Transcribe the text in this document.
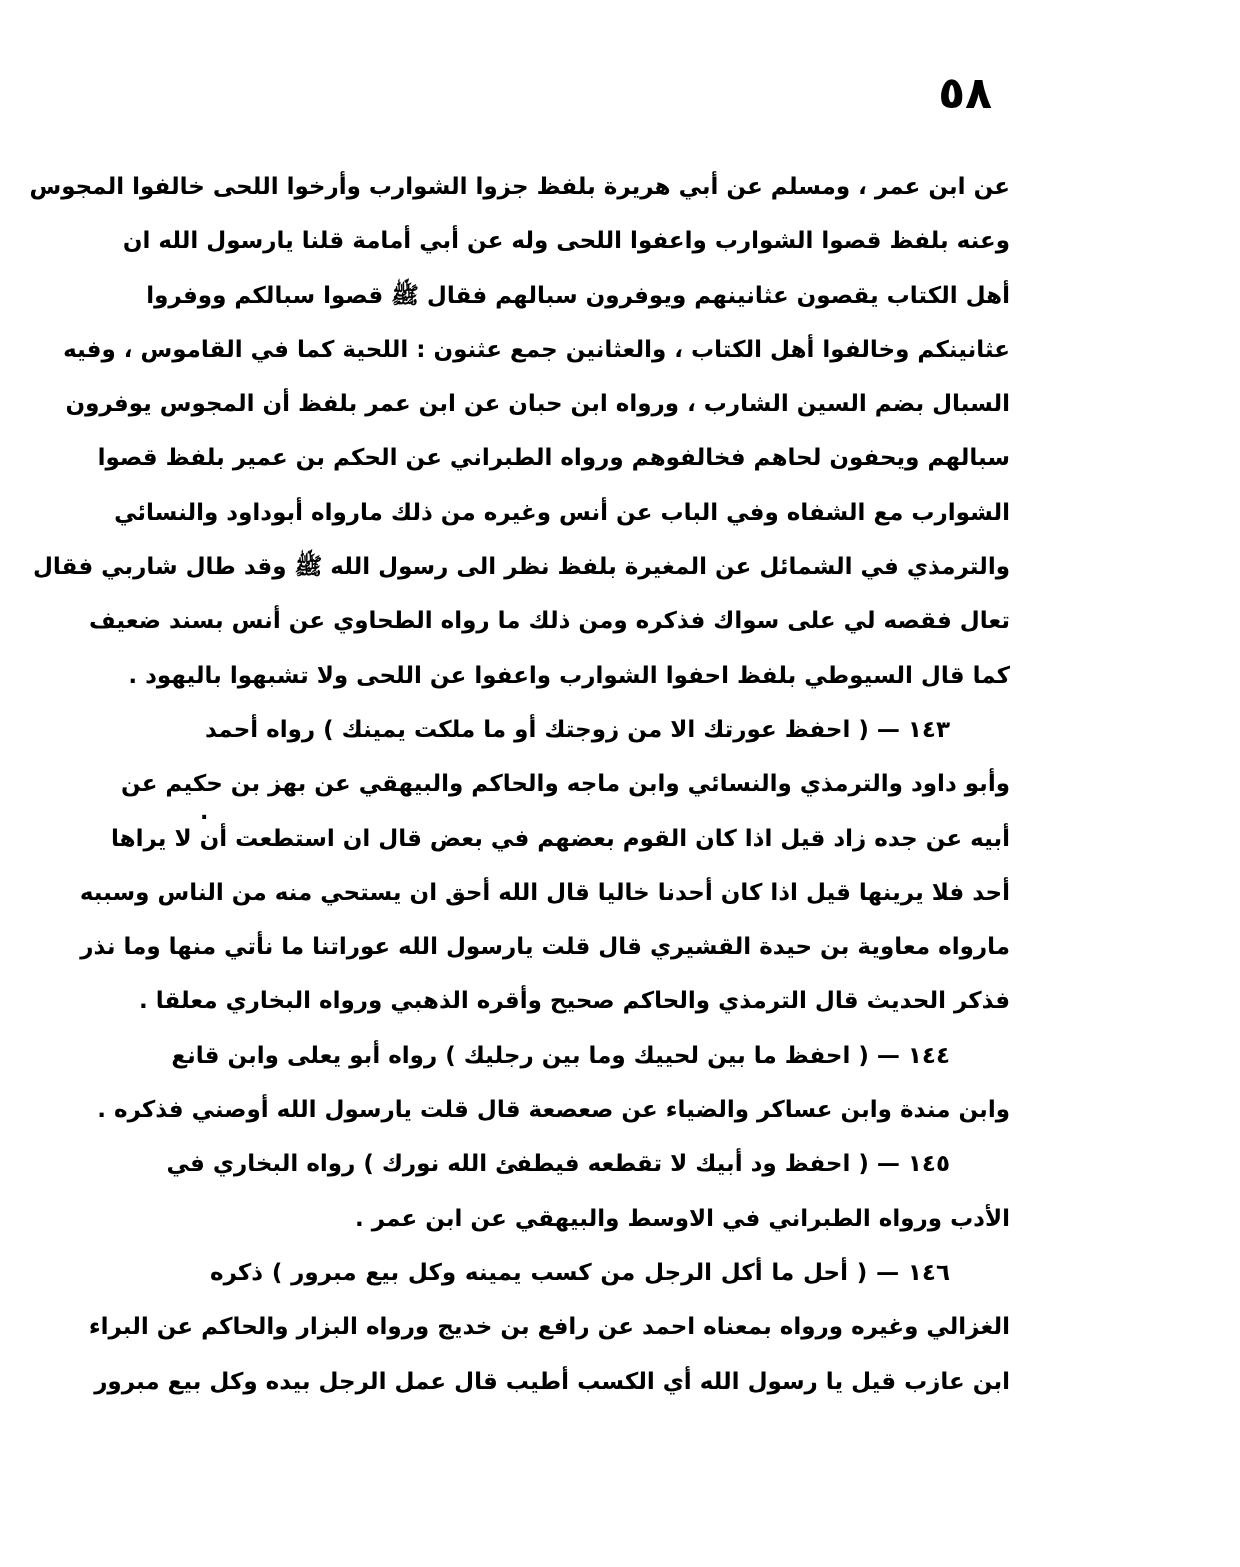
٥٨
.
عن ابن عمر ، ومسلم عن أبي هريرة بلفظ جزوا الشوارب وأرخوا اللحى خالفوا المجوس
وعنه بلفظ قصوا الشوارب واعفوا اللحى وله عن أبي أمامة قلنا يارسول الله ان
أهل الكتاب يقصون عثانينهم ويوفرون سبالهم فقال ﷺ قصوا سبالكم ووفروا
عثانينكم وخالفوا أهل الكتاب ، والعثانين جمع عثنون : اللحية كما في القاموس ، وفيه
السبال بضم السين الشارب ، ورواه ابن حبان عن ابن عمر بلفظ أن المجوس يوفرون
سبالهم ويحفون لحاهم فخالفوهم ورواه الطبراني عن الحكم بن عمير بلفظ قصوا
الشوارب مع الشفاه وفي الباب عن أنس وغيره من ذلك مارواه أبوداود والنسائي
والترمذي في الشمائل عن المغيرة بلفظ نظر الى رسول الله ﷺ وقد طال شاربي فقال
تعال فقصه لي على سواك فذكره ومن ذلك ما رواه الطحاوي عن أنس بسند ضعيف
كما قال السيوطي بلفظ احفوا الشوارب واعفوا عن اللحى ولا تشبهوا باليهود .
١٤٣ — ( احفظ عورتك الا من زوجتك أو ما ملكت يمينك ) رواه أحمد
وأبو داود والترمذي والنسائي وابن ماجه والحاكم والبيهقي عن بهز بن حكيم عن
أبيه عن جده زاد قيل اذا كان القوم بعضهم في بعض قال ان استطعت أن لا يراها
أحد فلا يرينها قيل اذا كان أحدنا خاليا قال الله أحق ان يستحي منه من الناس وسببه
مارواه معاوية بن حيدة القشيري قال قلت يارسول الله عوراتنا ما نأتي منها وما نذر
فذكر الحديث قال الترمذي والحاكم صحيح وأقره الذهبي ورواه البخاري معلقا .
١٤٤ — ( احفظ ما بين لحييك وما بين رجليك ) رواه أبو يعلى وابن قانع
وابن مندة وابن عساكر والضياء عن صعصعة قال قلت يارسول الله أوصني فذكره .
١٤٥ — ( احفظ ود أبيك لا تقطعه فيطفئ الله نورك ) رواه البخاري في
الأدب ورواه الطبراني في الاوسط والبيهقي عن ابن عمر .
١٤٦ — ( أحل ما أكل الرجل من كسب يمينه وكل بيع مبرور ) ذكره
الغزالي وغيره ورواه بمعناه احمد عن رافع بن خديج ورواه البزار والحاكم عن البراء
ابن عازب قيل يا رسول الله أي الكسب أطيب قال عمل الرجل بيده وكل بيع مبرور
